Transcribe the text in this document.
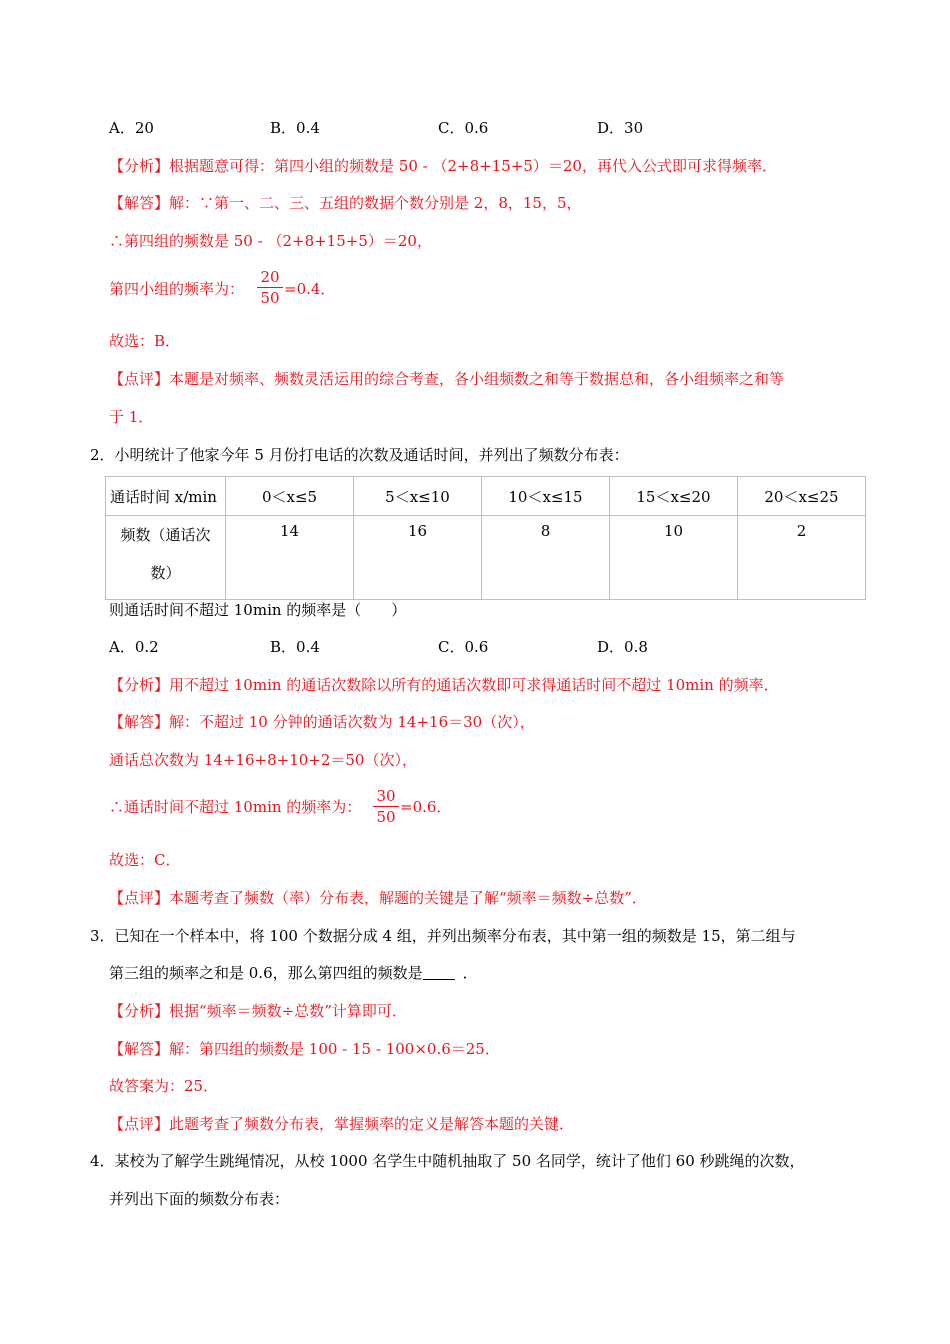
A．20	B．0.4	C．0.6	D．30
【分析】根据题意可得：第四小组的频数是 50 - （2+8+15+5）＝20，再代入公式即可求得频率．
【解答】解：∵第一、二、三、五组的数据个数分别是 2，8，15，5，
∴第四组的频数是 50 - （2+8+15+5）＝20，
第四小组的频率为： $\frac{20}{50} =0.4$．
故选：B．
【点评】本题是对频率、频数灵活运用的综合考查，各小组频数之和等于数据总和，各小组频率之和等
于 1．
2．小明统计了他家今年 5 月份打电话的次数及通话时间，并列出了频数分布表：
通话时间 x/min	0＜x≤5	5＜x≤10	10＜x≤15	15＜x≤20	20＜x≤25

频数（通话次
数）	14	16	8	10	2
则通话时间不超过 10min 的频率是（　　）
A．0.2	B．0.4	C．0.6	D．0.8
【分析】用不超过 10min 的通话次数除以所有的通话次数即可求得通话时间不超过 10min 的频率．
【解答】解：不超过 10 分钟的通话次数为 14+16＝30（次），
通话总次数为 14+16+8+10+2＝50（次），
∴通话时间不超过 10min 的频率为： $\frac{30}{50} =0.6$．
故选：C．
【点评】本题考查了频数（率）分布表，解题的关键是了解“频率＝频数÷总数”．
3．已知在一个样本中，将 100 个数据分成 4 组，并列出频率分布表，其中第一组的频数是 15，第二组与
第三组的频率之和是 0.6，那么第四组的频数是	．
【分析】根据“频率＝频数÷总数”计算即可．
【解答】解：第四组的频数是 100 - 15 - 100×0.6＝25．
故答案为：25．
【点评】此题考查了频数分布表，掌握频率的定义是解答本题的关键．
4．某校为了解学生跳绳情况，从校 1000 名学生中随机抽取了 50 名同学，统计了他们 60 秒跳绳的次数，
并列出下面的频数分布表：
